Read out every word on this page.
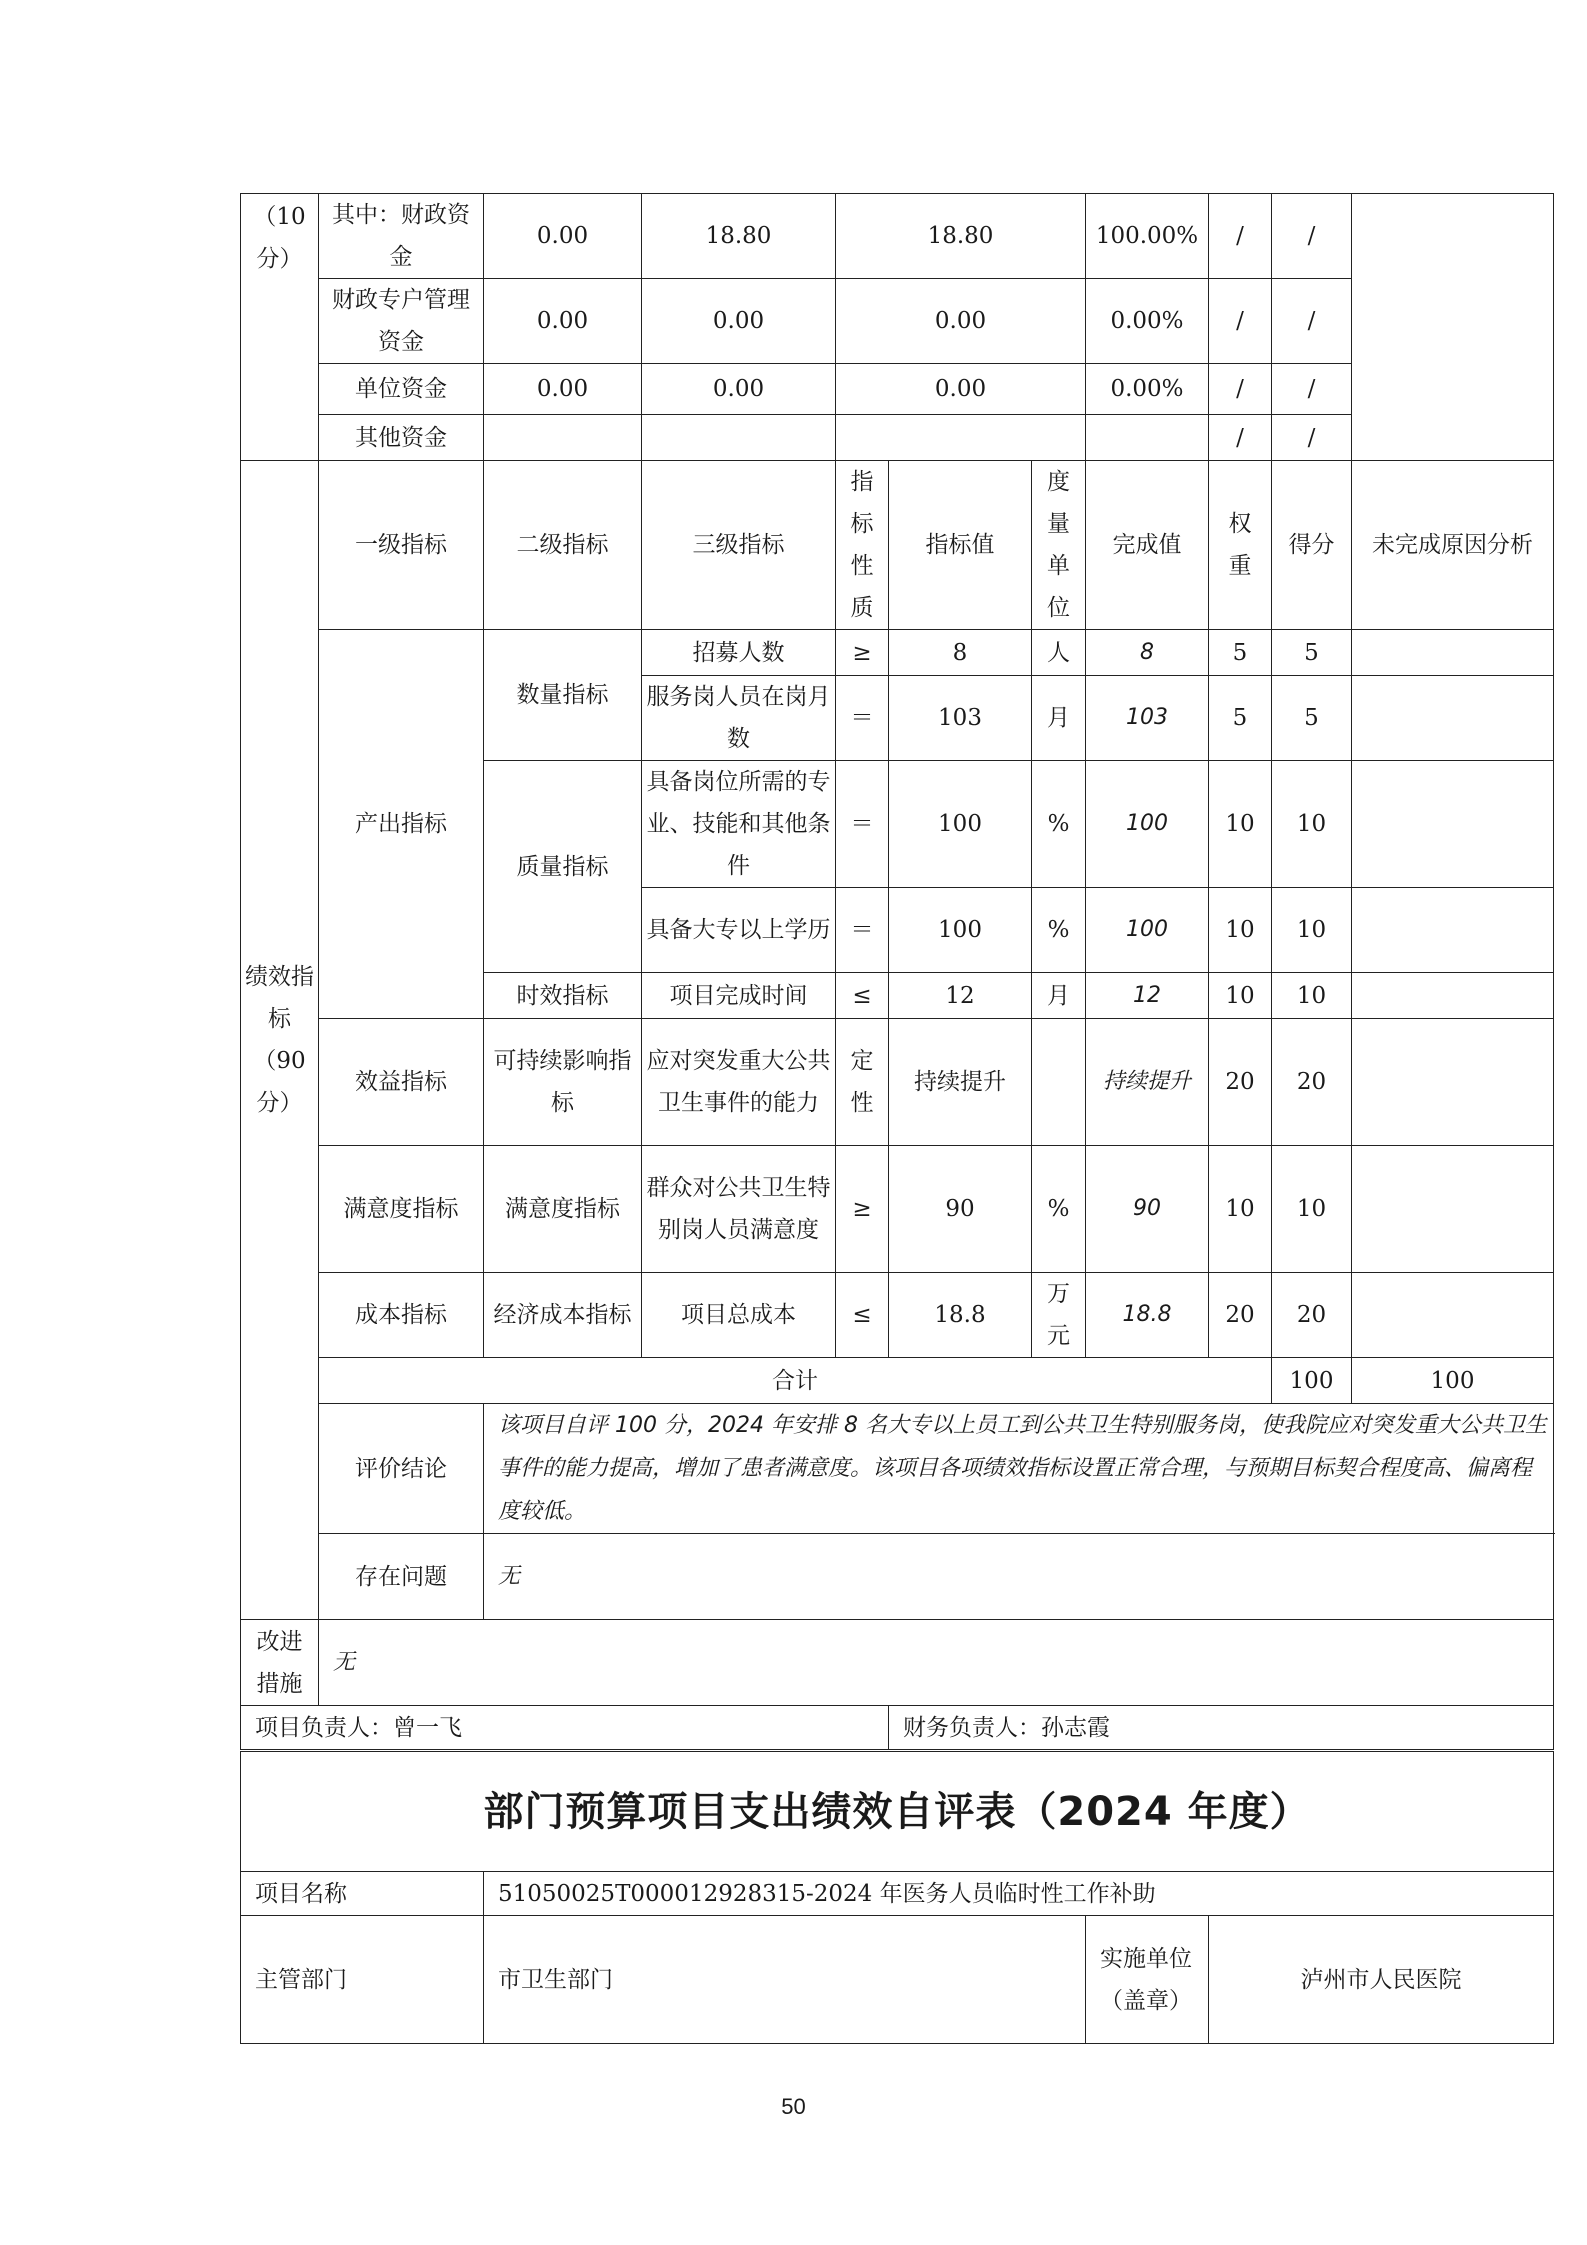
（10分）	其中：财政资金	0.00	18.80	18.80			100.00%	/	/		
	财政专户管理资金	0.00	0.00	0.00			0.00%	/	/		
	单位资金	0.00	0.00	0.00			0.00%	/	/		
	其他资金							/	/		
绩效指标（90分）	一级指标	二级指标	三级指标	指标性质	指标值	度量单位	完成值	权重	得分	未完成原因分析	
	产出指标	数量指标	招募人数	≥	8	人	8	5	5		
			服务岗人员在岗月数	＝	103	月	103	5	5		
		质量指标	具备岗位所需的专业、技能和其他条件	＝	100	%	100	10	10		
			具备大专以上学历	＝	100	%	100	10	10		
		时效指标	项目完成时间	≤	12	月	12	10	10		
	效益指标	可持续影响指标	应对突发重大公共卫生事件的能力	定性	持续提升		持续提升	20	20		
	满意度指标	满意度指标	群众对公共卫生特别岗人员满意度	≥	90	%	90	10	10		
	成本指标	经济成本指标	项目总成本	≤	18.8	万元	18.8	20	20		
	合计								100	100	
	评价结论	该项目自评 100 分，2024 年安排 8 名大专以上员工到公共卫生特别服务岗，使我院应对突发重大公共卫生事件的能力提高，增加了患者满意度。该项目各项绩效指标设置正常合理，与预期目标契合程度高、偏离程度较低。									
	存在问题	无									
改进措施	无										
项目负责人：曾一飞					财务负责人：孙志霞						
部门预算项目支出绩效自评表（2024 年度）			
项目名称	51050025T000012928315-2024 年医务人员临时性工作补助		
主管部门	市卫生部门	实施单位（盖章）	泸州市人民医院
50
